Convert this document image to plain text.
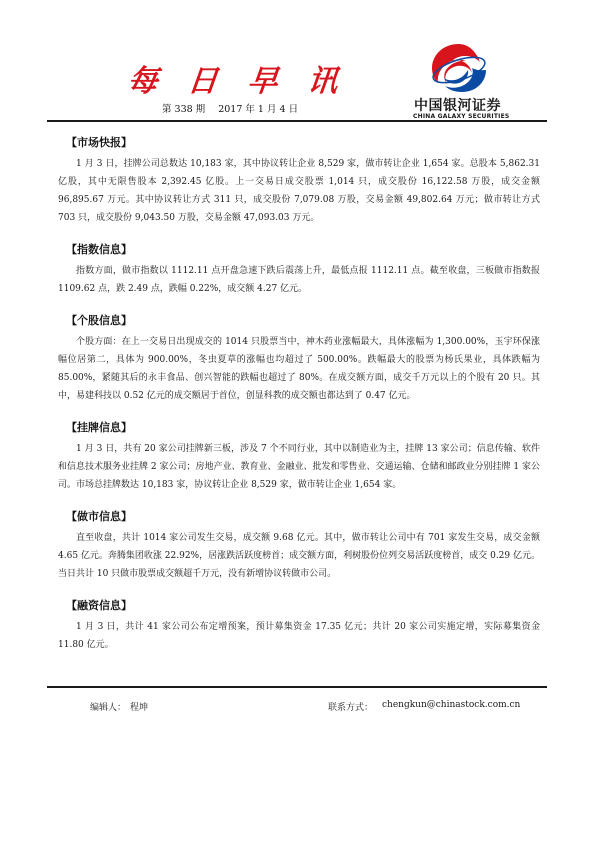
每 日 早 讯
第 338 期 2017 年 1 月 4 日	中国银河证券
CHINA GALAXY SECURITIES
【市场快报】

1 月 3 日，挂牌公司总数达 10,183 家，其中协议转让企业 8,529 家，做市转让企业 1,654 家。总股本 5,862.31 亿股，其中无限售股本 2,392.45 亿股。上一交易日成交股票 1,014 只，成交股份 16,122.58 万股，成交金额 96,895.67 万元。其中协议转让方式 311 只，成交股份 7,079.08 万股，交易金额 49,802.64 万元；做市转让方式 703 只，成交股份 9,043.50 万股，交易金额 47,093.03 万元。

【指数信息】

指数方面，做市指数以 1112.11 点开盘急速下跌后震荡上升，最低点报 1112.11 点。截至收盘，三板做市指数报 1109.62 点，跌 2.49 点，跌幅 0.22%，成交额 4.27 亿元。

【个股信息】

个股方面：在上一交易日出现成交的 1014 只股票当中，神木药业涨幅最大，具体涨幅为 1,300.00%，玉宇环保涨幅位居第二，具体为 900.00%，冬虫夏草的涨幅也均超过了 500.00%。跌幅最大的股票为杨氏果业，具体跌幅为 85.00%，紧随其后的永丰食品、创兴智能的跌幅也超过了 80%。在成交额方面，成交千万元以上的个股有 20 只。其中，易建科技以 0.52 亿元的成交额居于首位，创显科教的成交额也都达到了 0.47 亿元。

【挂牌信息】

1 月 3 日，共有 20 家公司挂牌新三板，涉及 7 个不同行业，其中以制造业为主，挂牌 13 家公司；信息传输、软件和信息技术服务业挂牌 2 家公司；房地产业、教育业、金融业、批发和零售业、交通运输、仓储和邮政业分别挂牌 1 家公司。市场总挂牌数达 10,183 家，协议转让企业 8,529 家，做市转让企业 1,654 家。

【做市信息】

直至收盘，共计 1014 家公司发生交易，成交额 9.68 亿元。其中，做市转让公司中有 701 家发生交易，成交金额 4.65 亿元。奔腾集团收涨 22.92%，居涨跌活跃度榜首；成交额方面，利树股份位列交易活跃度榜首，成交 0.29 亿元。当日共计 10 只做市股票成交额超千万元，没有新增协议转做市公司。

【融资信息】

1 月 3 日，共计 41 家公司公布定增预案，预计募集资金 17.35 亿元；共计 20 家公司实施定增，实际募集资金 11.80 亿元。

编辑人： 程坤	联系方式： chengkun@chinastock.com.cn
